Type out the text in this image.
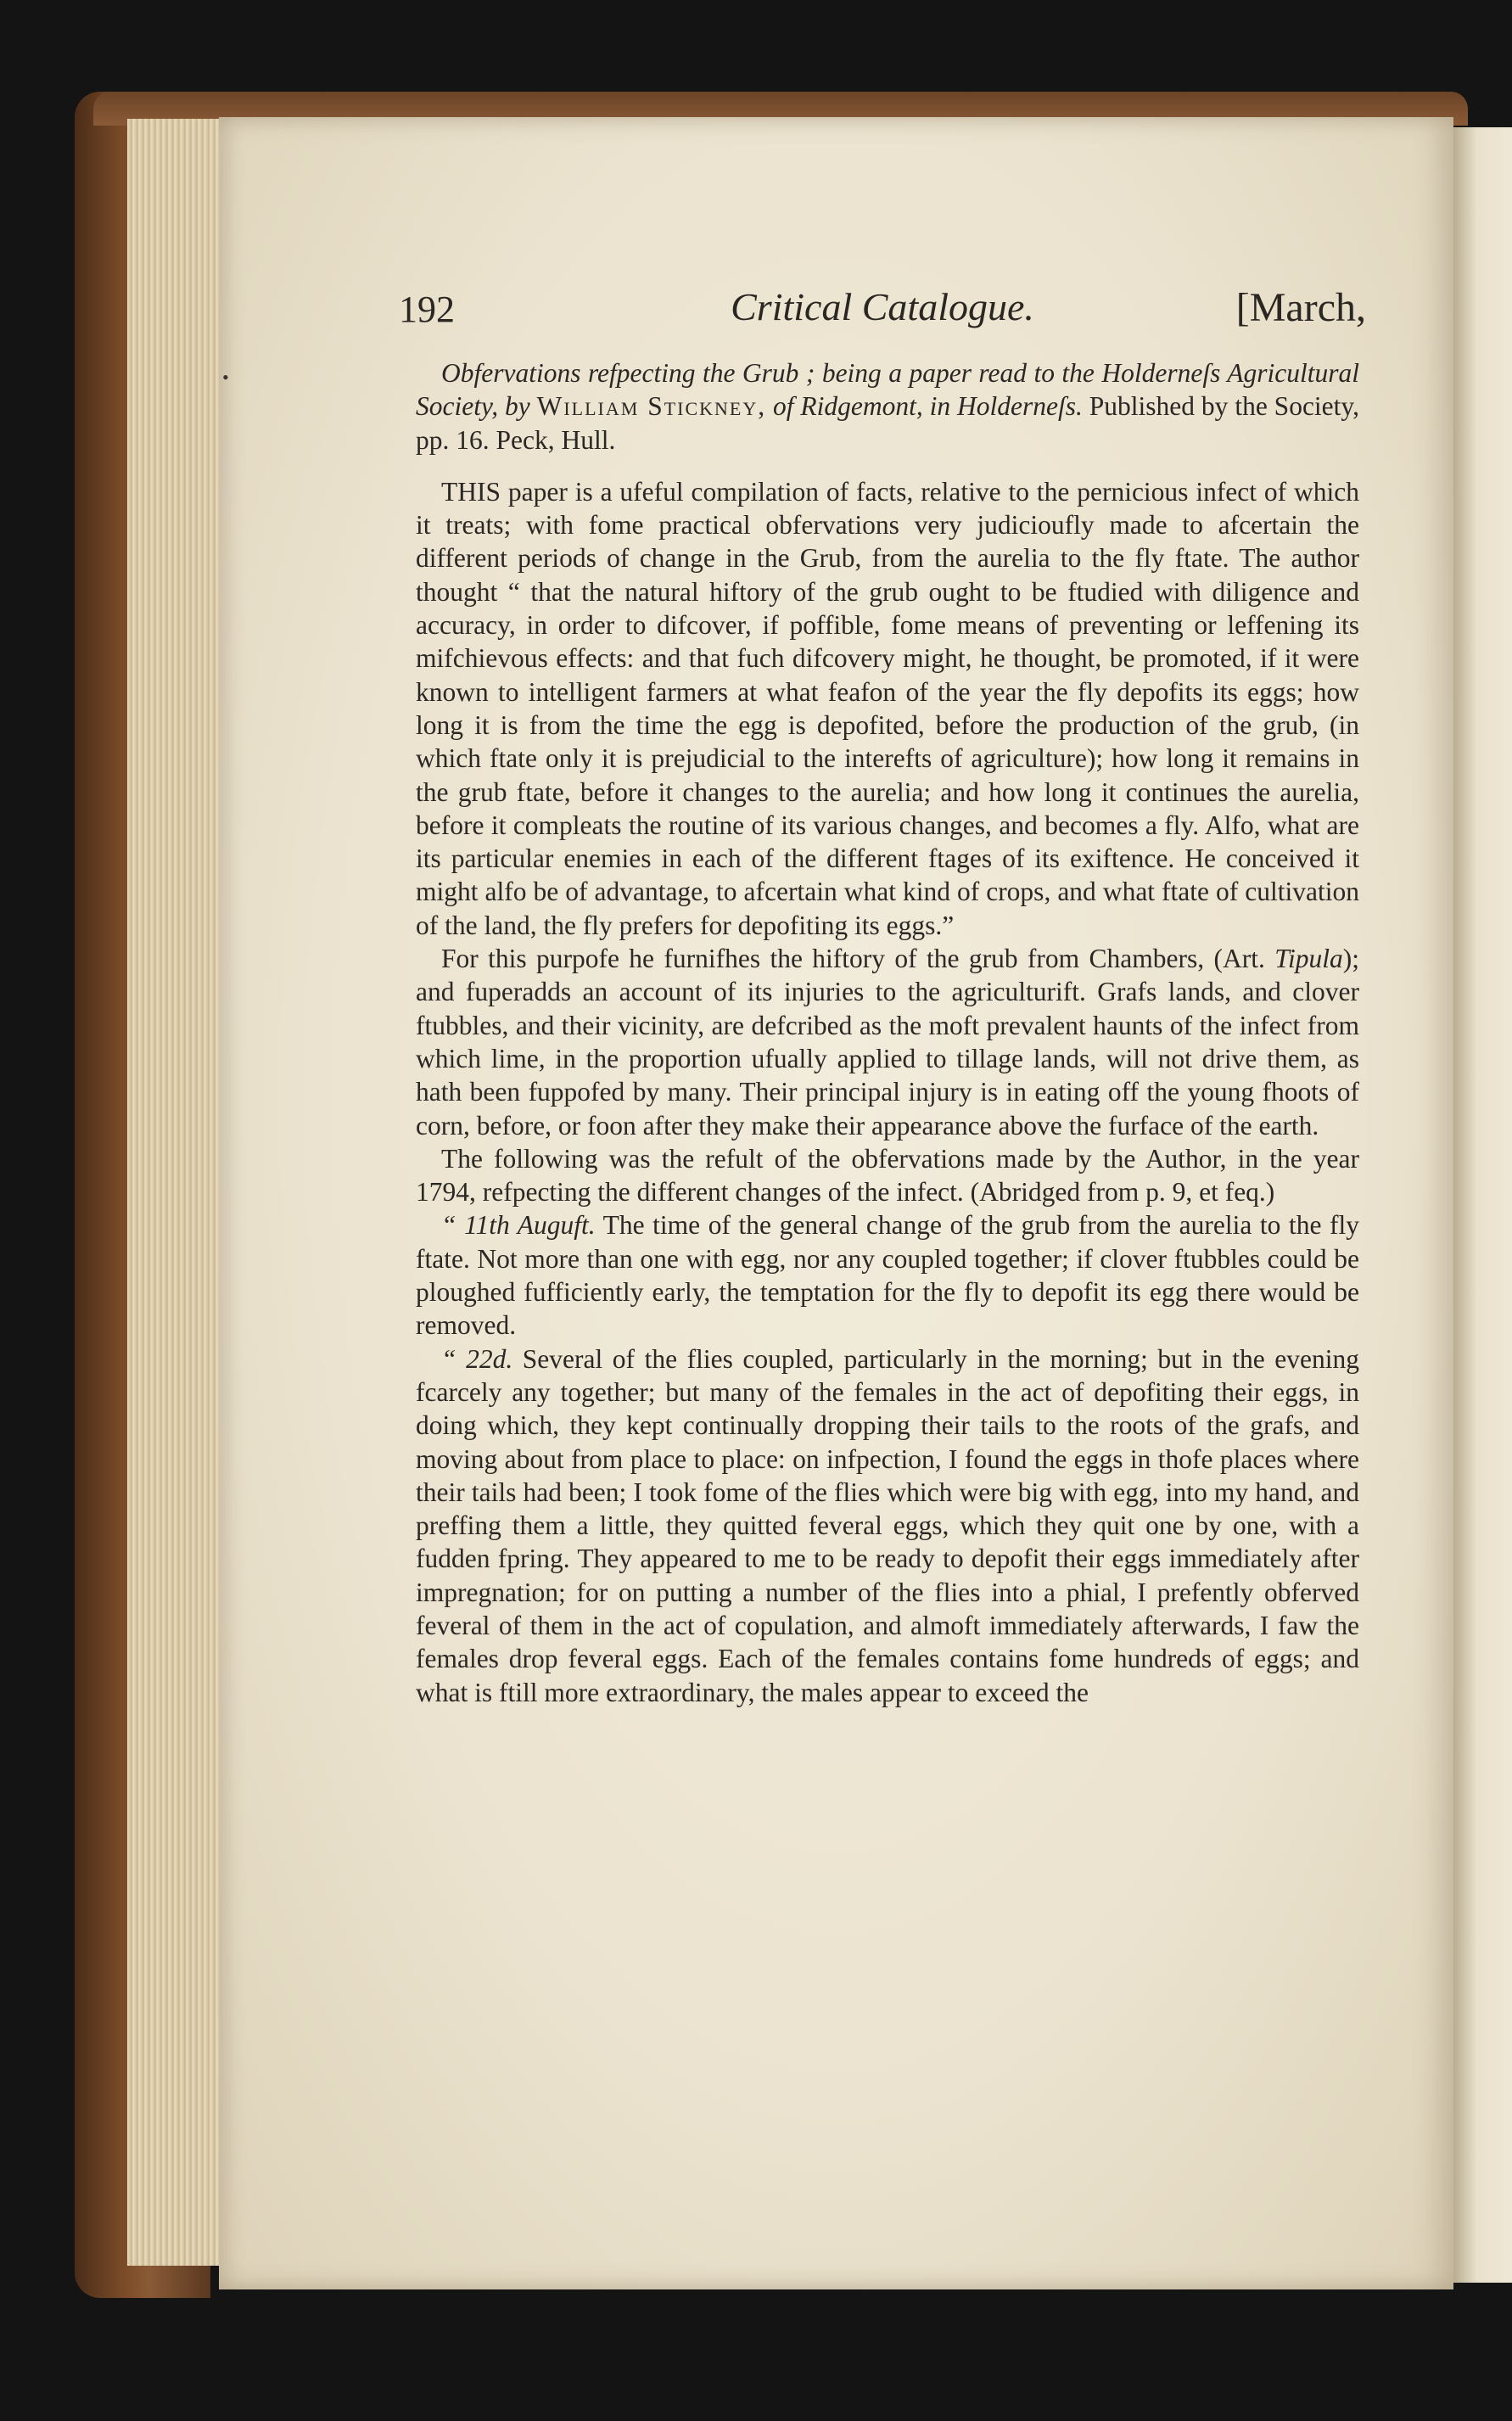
192	Critical Catalogue.	[March,

Obfervations refpecting the Grub ; being a paper read to the Holderneſs Agricultural Society, by William Stickney, of Ridgemont, in Holderneſs. Published by the Society, pp. 16. Peck, Hull.

THIS paper is a ufeful compilation of facts, relative to the pernicious infect of which it treats; with fome practical obfervations very judicioufly made to afcertain the different periods of change in the Grub, from the aurelia to the fly ftate. The author thought “ that the natural hiftory of the grub ought to be ftudied with diligence and accuracy, in order to difcover, if poffible, fome means of preventing or leffening its mifchievous effects: and that fuch difcovery might, he thought, be promoted, if it were known to intelligent farmers at what feafon of the year the fly depofits its eggs; how long it is from the time the egg is depofited, before the production of the grub, (in which ftate only it is prejudicial to the interefts of agriculture); how long it remains in the grub ftate, before it changes to the aurelia; and how long it continues the aurelia, before it compleats the routine of its various changes, and becomes a fly. Alfo, what are its particular enemies in each of the different ftages of its exiftence. He conceived it might alfo be of advantage, to afcertain what kind of crops, and what ftate of cultivation of the land, the fly prefers for depofiting its eggs.”

For this purpofe he furnifhes the hiftory of the grub from Chambers, (Art. Tipula); and fuperadds an account of its injuries to the agriculturift. Grafs lands, and clover ftubbles, and their vicinity, are defcribed as the moft prevalent haunts of the infect from which lime, in the proportion ufually applied to tillage lands, will not drive them, as hath been fuppofed by many. Their principal injury is in eating off the young fhoots of corn, before, or foon after they make their appearance above the furface of the earth.

The following was the refult of the obfervations made by the Author, in the year 1794, refpecting the different changes of the infect. (Abridged from p. 9, et feq.)

“ 11th Auguft. The time of the general change of the grub from the aurelia to the fly ftate. Not more than one with egg, nor any coupled together; if clover ftubbles could be ploughed fufficiently early, the temptation for the fly to depofit its egg there would be removed.

“ 22d. Several of the flies coupled, particularly in the morning; but in the evening fcarcely any together; but many of the females in the act of depofiting their eggs, in doing which, they kept continually dropping their tails to the roots of the grafs, and moving about from place to place: on infpection, I found the eggs in thofe places where their tails had been; I took fome of the flies which were big with egg, into my hand, and preffing them a little, they quitted feveral eggs, which they quit one by one, with a fudden fpring. They appeared to me to be ready to depofit their eggs immediately after impregnation; for on putting a number of the flies into a phial, I prefently obferved feveral of them in the act of copulation, and almoft immediately afterwards, I faw the females drop feveral eggs. Each of the females contains fome hundreds of eggs; and what is ftill more extraordinary, the males appear to exceed the

•
